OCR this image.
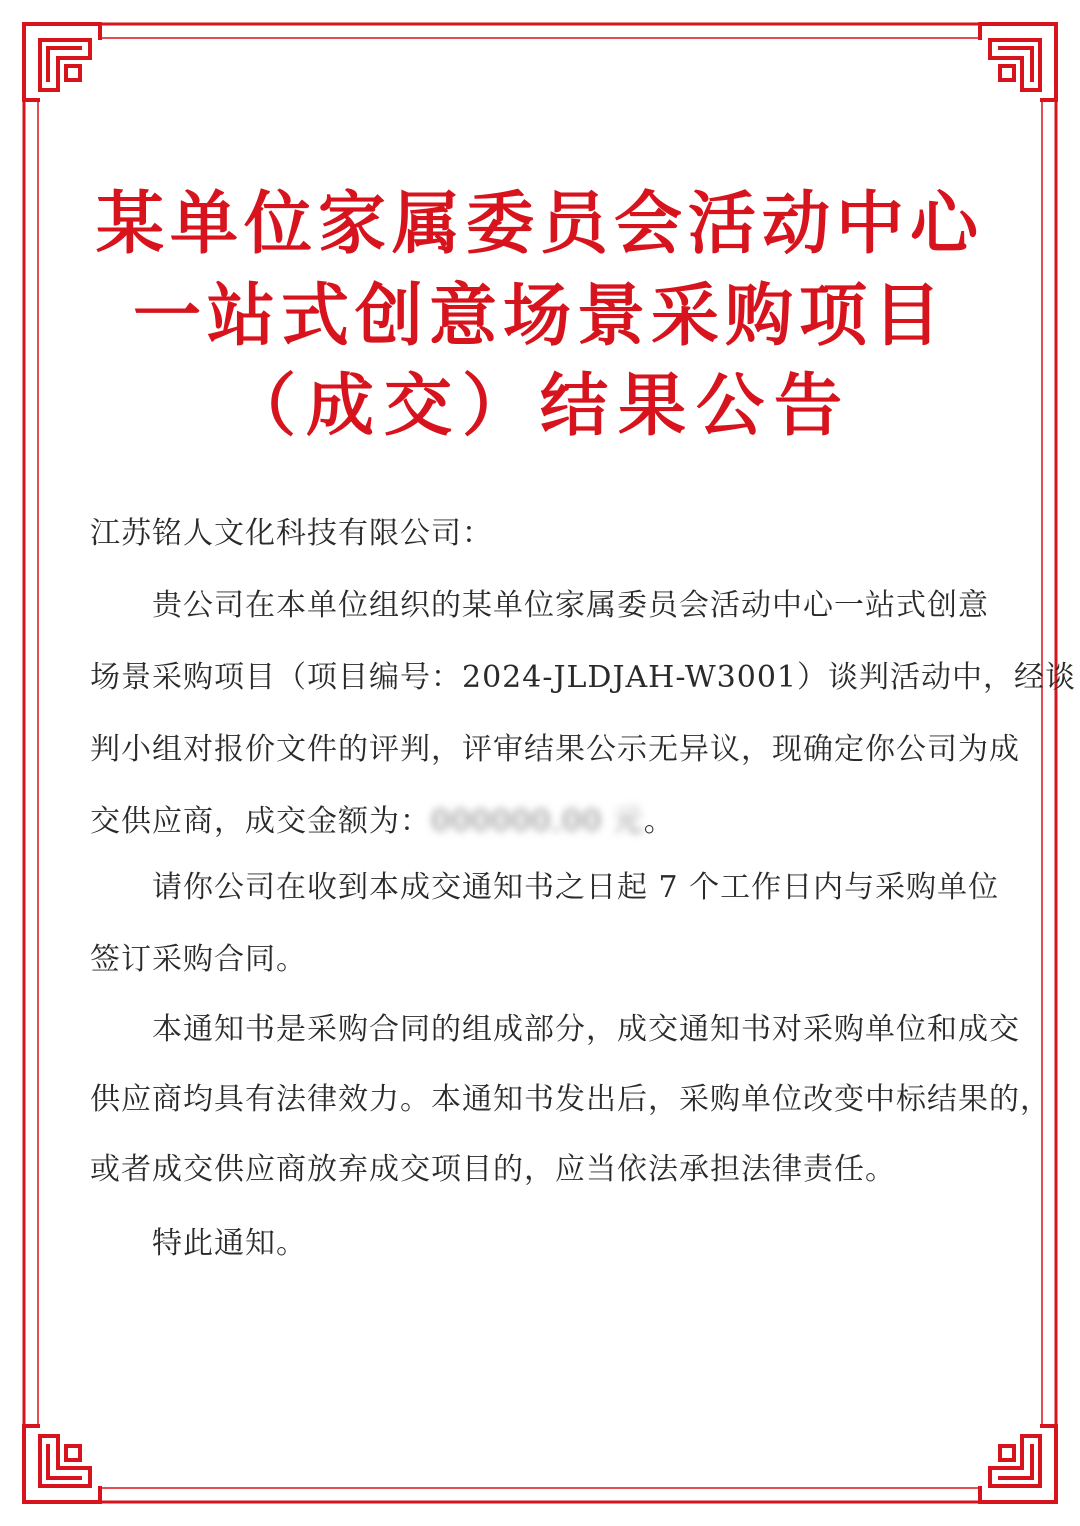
某单位家属委员会活动中心
一站式创意场景采购项目
（成交）结果公告
江苏铭人文化科技有限公司：
贵公司在本单位组织的某单位家属委员会活动中心一站式创意
场景采购项目（项目编号：2024-JLDJAH-W3001）谈判活动中，经谈
判小组对报价文件的评判，评审结果公示无异议，现确定你公司为成
交供应商，成交金额为：000000.00 元。
请你公司在收到本成交通知书之日起 7 个工作日内与采购单位
签订采购合同。
本通知书是采购合同的组成部分，成交通知书对采购单位和成交
供应商均具有法律效力。本通知书发出后，采购单位改变中标结果的，
或者成交供应商放弃成交项目的，应当依法承担法律责任。
特此通知。
